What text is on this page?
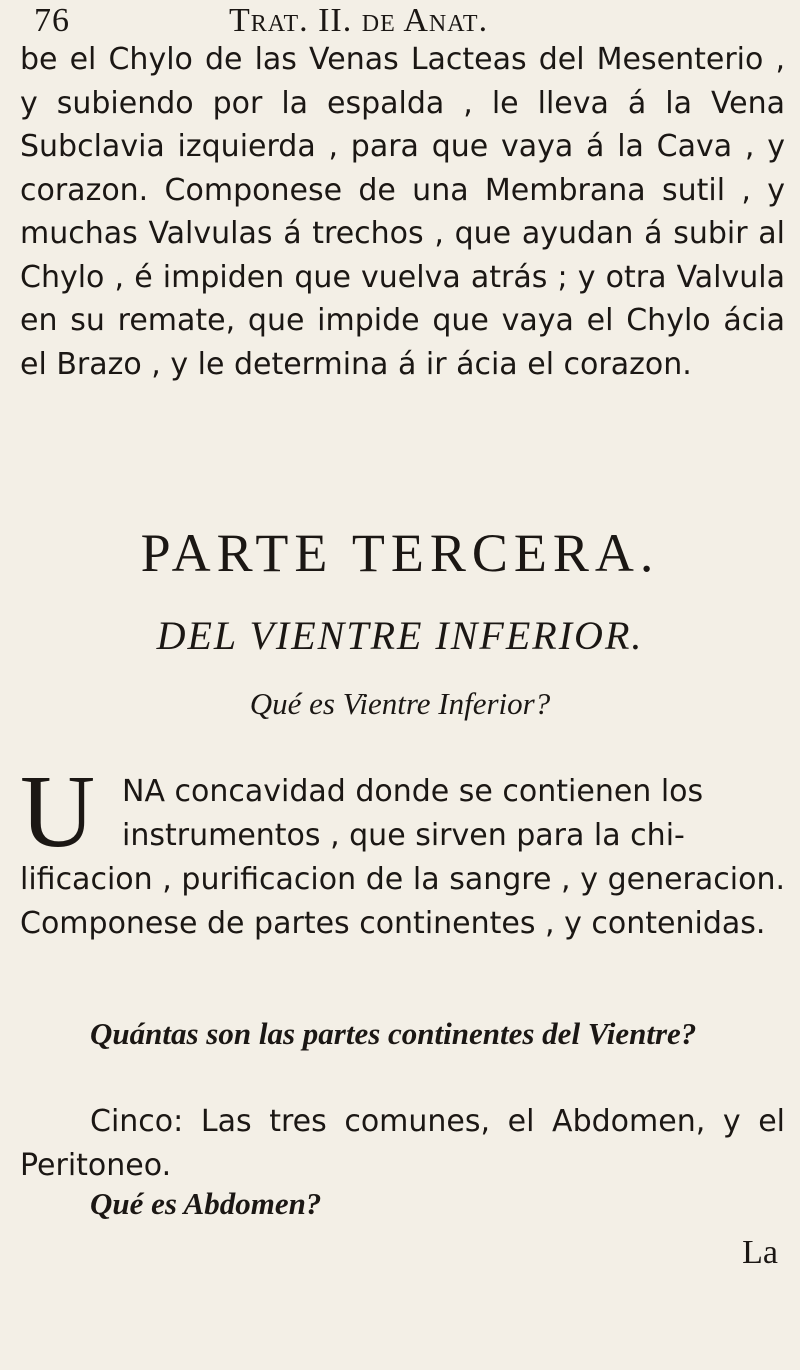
76	Trat. II. de Anat.
be el Chylo de las Venas Lacteas del Mesenterio , y subiendo por la espalda , le lleva á la Vena Subclavia izquierda , para que vaya á la Cava , y corazon. Componese de una Membrana sutil , y muchas Valvulas á trechos , que ayudan á subir al Chylo , é impiden que vuelva atrás ; y otra Valvula en su remate, que impide que vaya el Chylo ácia el Brazo , y le determina á ir ácia el corazon.
PARTE TERCERA.
DEL VIENTRE INFERIOR.
Qué es Vientre Inferior?
U NA concavidad donde se contienen los
instrumentos , que sirven para la chi-
lificacion , purificacion de la sangre , y generacion. Componese de partes continentes , y contenidas.
Quántas son las partes continentes del Vientre?
Cinco: Las tres comunes, el Abdomen, y el Peritoneo.
Qué es Abdomen?
La
